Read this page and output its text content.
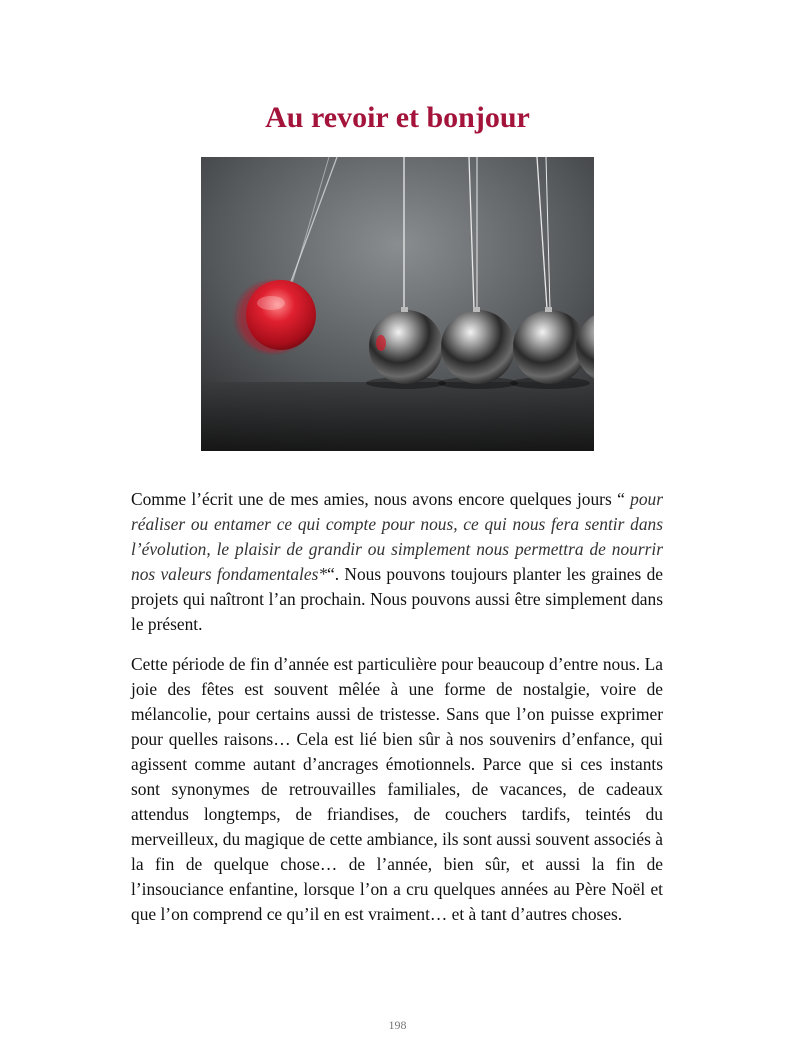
Au revoir et bonjour

Comme l’écrit une de mes amies, nous avons encore quelques jours “ pour réaliser ou entamer ce qui compte pour nous, ce qui nous fera sentir dans l’évolution, le plaisir de grandir ou simplement nous permettra de nourrir nos valeurs fondamentales*“. Nous pouvons toujours planter les graines de projets qui naîtront l’an prochain. Nous pouvons aussi être simplement dans le présent.

Cette période de fin d’année est particulière pour beaucoup d’entre nous. La joie des fêtes est souvent mêlée à une forme de nostalgie, voire de mélancolie, pour certains aussi de tristesse. Sans que l’on puisse exprimer pour quelles raisons… Cela est lié bien sûr à nos souvenirs d’enfance, qui agissent comme autant d’ancrages émotionnels. Parce que si ces instants sont synonymes de retrouvailles familiales, de vacances, de cadeaux attendus longtemps, de friandises, de couchers tardifs, teintés du merveilleux, du magique de cette ambiance, ils sont aussi souvent associés à la fin de quelque chose… de l’année, bien sûr, et aussi la fin de l’insouciance enfantine, lorsque l’on a cru quelques années au Père Noël et que l’on comprend ce qu’il en est vraiment… et à tant d’autres choses.

198
